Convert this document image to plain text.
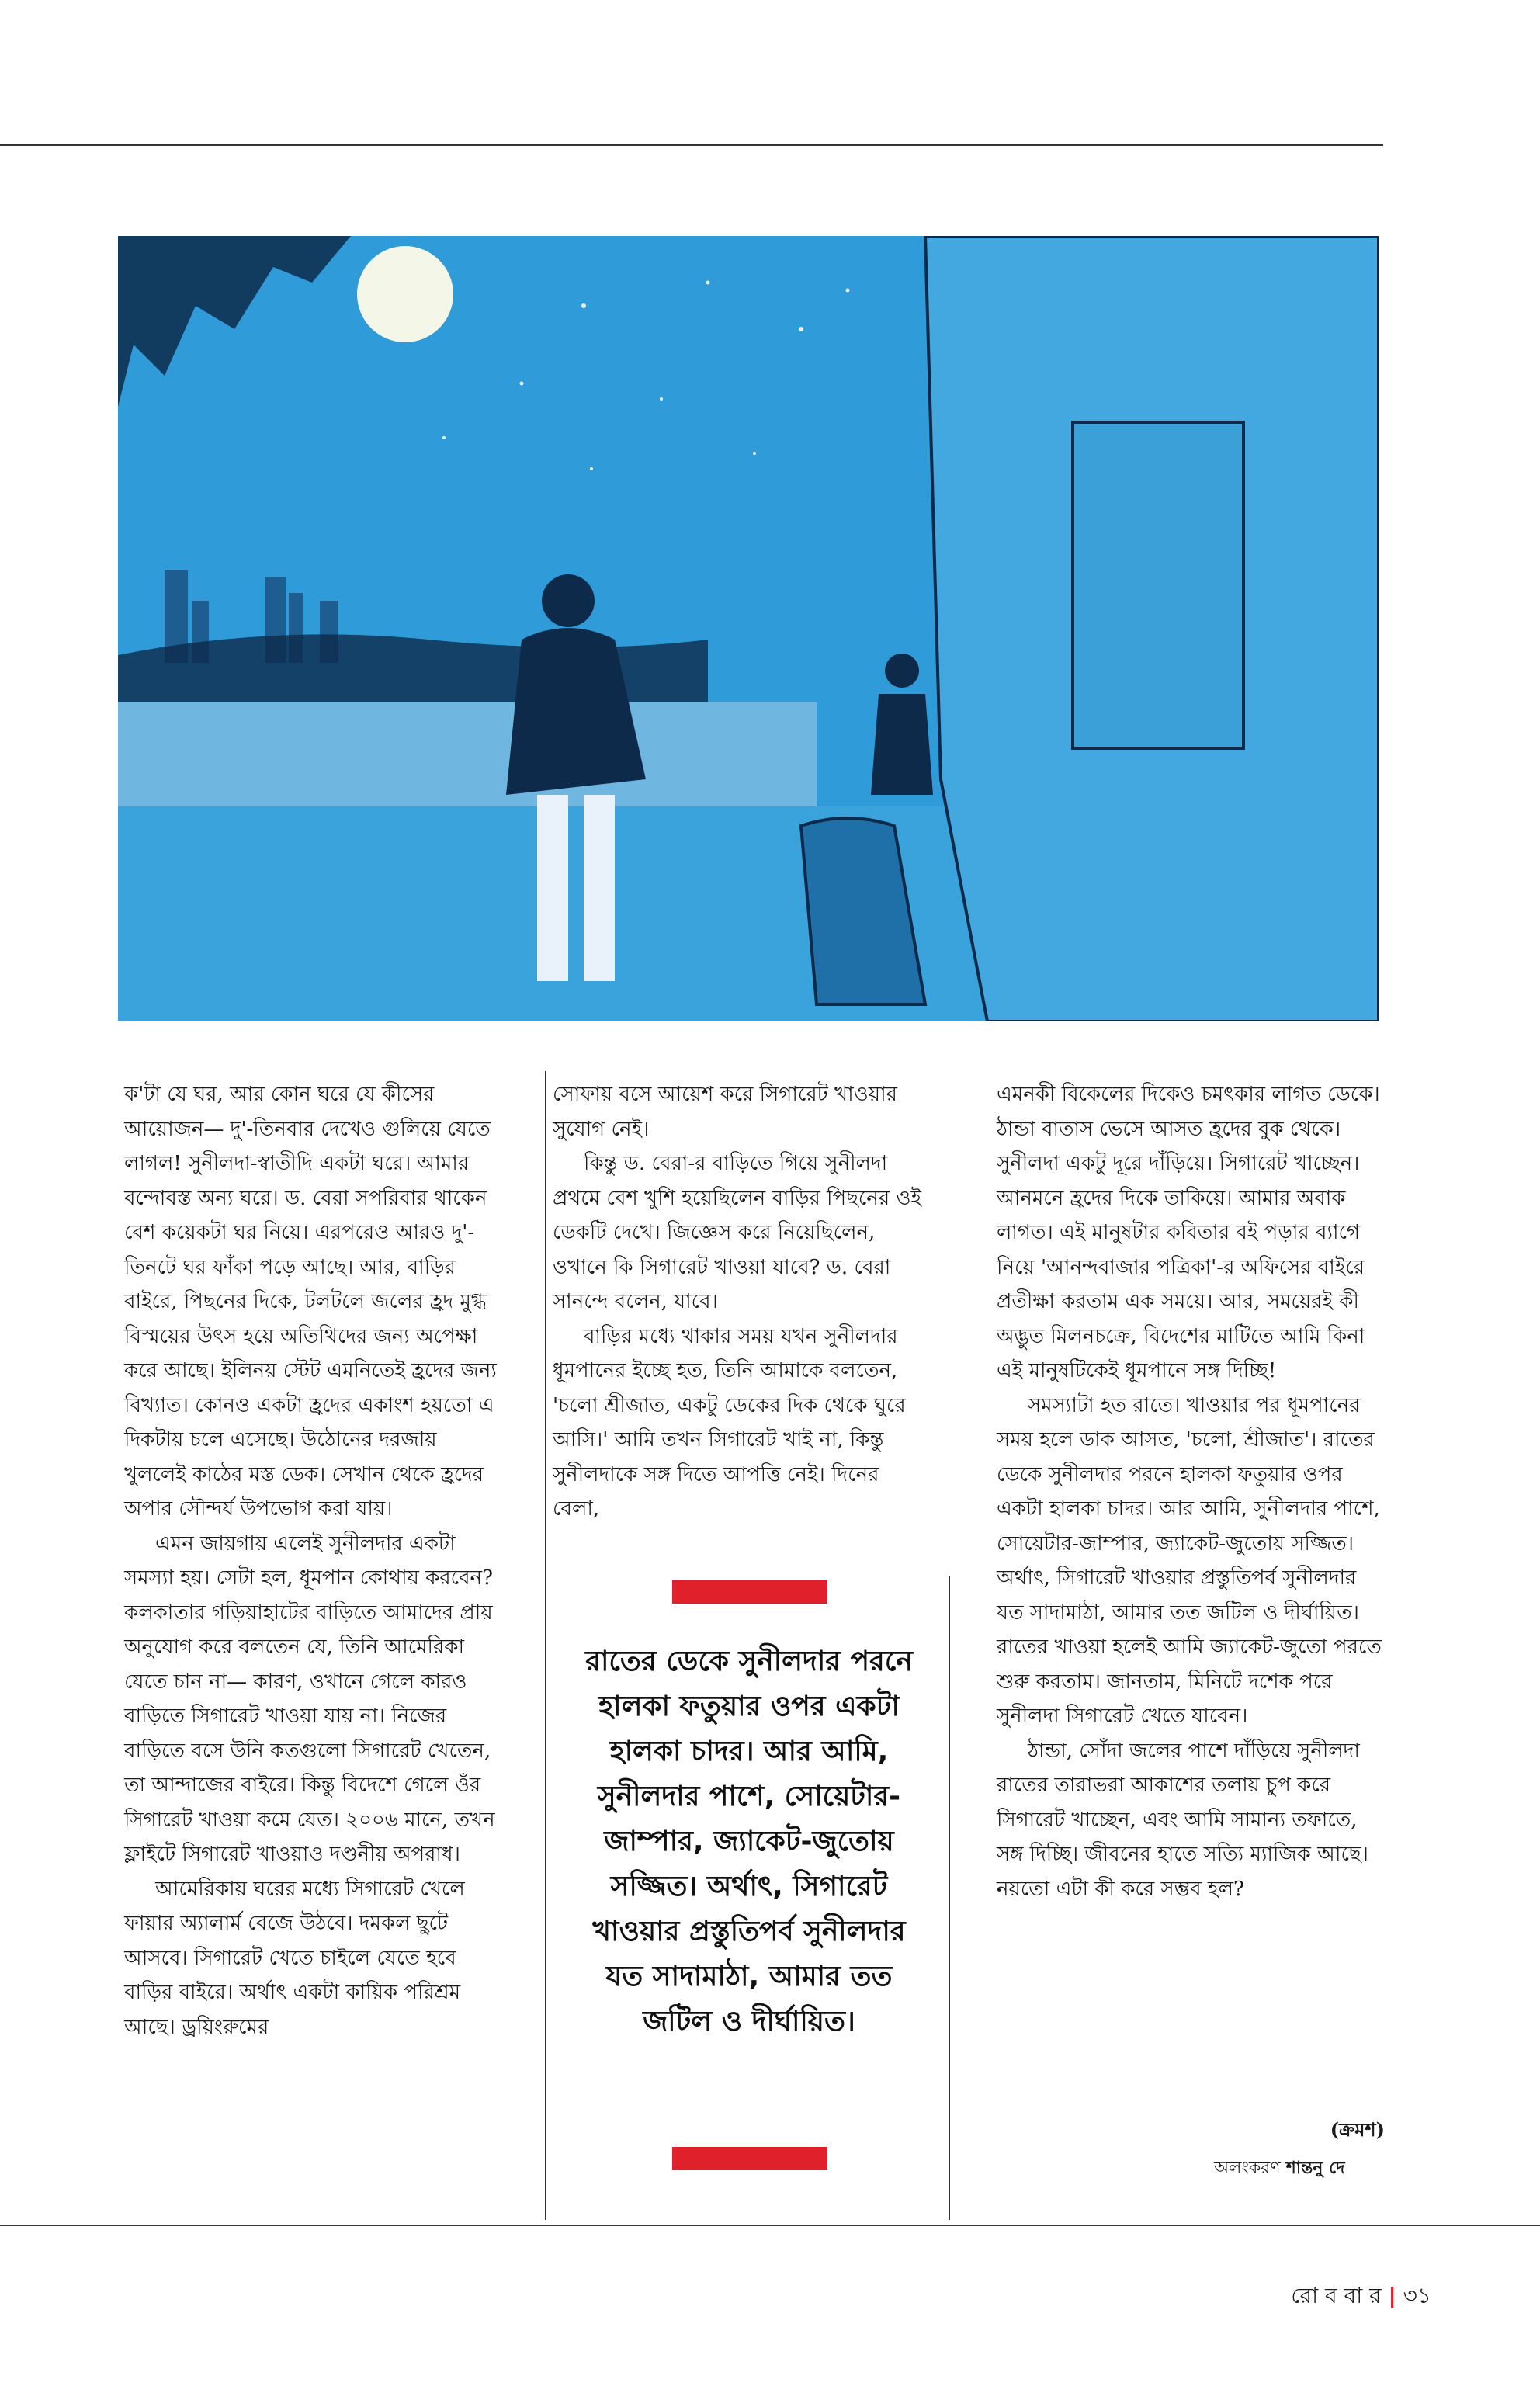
ক'টা যে ঘর, আর কোন ঘরে যে কীসের আয়োজন— দু'-তিনবার দেখেও গুলিয়ে যেতে লাগল! সুনীলদা-স্বাতীদি একটা ঘরে। আমার বন্দোবস্ত অন্য ঘরে। ড. বেরা সপরিবার থাকেন বেশ কয়েকটা ঘর নিয়ে। এরপরেও আরও দু'-তিনটে ঘর ফাঁকা পড়ে আছে। আর, বাড়ির বাইরে, পিছনের দিকে, টলটলে জলের হ্রদ মুগ্ধ বিস্ময়ের উৎস হয়ে অতিথিদের জন্য অপেক্ষা করে আছে। ইলিনয় স্টেট এমনিতেই হ্রদের জন্য বিখ্যাত। কোনও একটা হ্রদের একাংশ হয়তো এ দিকটায় চলে এসেছে। উঠোনের দরজায় খুললেই কাঠের মস্ত ডেক। সেখান থেকে হ্রদের অপার সৌন্দর্য উপভোগ করা যায়।

এমন জায়গায় এলেই সুনীলদার একটা সমস্যা হয়। সেটা হল, ধূমপান কোথায় করবেন? কলকাতার গড়িয়াহাটের বাড়িতে আমাদের প্রায় অনুযোগ করে বলতেন যে, তিনি আমেরিকা যেতে চান না— কারণ, ওখানে গেলে কারও বাড়িতে সিগারেট খাওয়া যায় না। নিজের বাড়িতে বসে উনি কতগুলো সিগারেট খেতেন, তা আন্দাজের বাইরে। কিন্তু বিদেশে গেলে ওঁর সিগারেট খাওয়া কমে যেত। ২০০৬ মানে, তখন ফ্লাইটে সিগারেট খাওয়াও দণ্ডনীয় অপরাধ।

আমেরিকায় ঘরের মধ্যে সিগারেট খেলে ফায়ার অ্যালার্ম বেজে উঠবে। দমকল ছুটে আসবে। সিগারেট খেতে চাইলে যেতে হবে বাড়ির বাইরে। অর্থাৎ একটা কায়িক পরিশ্রম আছে। ড্রয়িংরুমের

সোফায় বসে আয়েশ করে সিগারেট খাওয়ার সুযোগ নেই।

কিন্তু ড. বেরা-র বাড়িতে গিয়ে সুনীলদা প্রথমে বেশ খুশি হয়েছিলেন বাড়ির পিছনের ওই ডেকটি দেখে। জিজ্ঞেস করে নিয়েছিলেন, ওখানে কি সিগারেট খাওয়া যাবে? ড. বেরা সানন্দে বলেন, যাবে।

বাড়ির মধ্যে থাকার সময় যখন সুনীলদার ধূমপানের ইচ্ছে হত, তিনি আমাকে বলতেন, 'চলো শ্রীজাত, একটু ডেকের দিক থেকে ঘুরে আসি।' আমি তখন সিগারেট খাই না, কিন্তু সুনীলদাকে সঙ্গ দিতে আপত্তি নেই। দিনের বেলা,

রাতের ডেকে সুনীলদার পরনে হালকা ফতুয়ার ওপর একটা হালকা চাদর। আর আমি, সুনীলদার পাশে, সোয়েটার-জাম্পার, জ্যাকেট-জুতোয় সজ্জিত। অর্থাৎ, সিগারেট খাওয়ার প্রস্তুতিপর্ব সুনীলদার যত সাদামাঠা, আমার তত জটিল ও দীর্ঘায়িত।

এমনকী বিকেলের দিকেও চমৎকার লাগত ডেকে। ঠান্ডা বাতাস ভেসে আসত হ্রদের বুক থেকে। সুনীলদা একটু দূরে দাঁড়িয়ে। সিগারেট খাচ্ছেন। আনমনে হ্রদের দিকে তাকিয়ে। আমার অবাক লাগত। এই মানুষটার কবিতার বই পড়ার ব্যাগে নিয়ে 'আনন্দবাজার পত্রিকা'-র অফিসের বাইরে প্রতীক্ষা করতাম এক সময়ে। আর, সময়েরই কী অদ্ভুত মিলনচক্রে, বিদেশের মাটিতে আমি কিনা এই মানুষটিকেই ধূমপানে সঙ্গ দিচ্ছি!

সমস্যাটা হত রাতে। খাওয়ার পর ধূমপানের সময় হলে ডাক আসত, 'চলো, শ্রীজাত'। রাতের ডেকে সুনীলদার পরনে হালকা ফতুয়ার ওপর একটা হালকা চাদর। আর আমি, সুনীলদার পাশে, সোয়েটার-জাম্পার, জ্যাকেট-জুতোয় সজ্জিত। অর্থাৎ, সিগারেট খাওয়ার প্রস্তুতিপর্ব সুনীলদার যত সাদামাঠা, আমার তত জটিল ও দীর্ঘায়িত। রাতের খাওয়া হলেই আমি জ্যাকেট-জুতো পরতে শুরু করতাম। জানতাম, মিনিটে দশেক পরে সুনীলদা সিগারেট খেতে যাবেন।

ঠান্ডা, সোঁদা জলের পাশে দাঁড়িয়ে সুনীলদা রাতের তারাভরা আকাশের তলায় চুপ করে সিগারেট খাচ্ছেন, এবং আমি সামান্য তফাতে, সঙ্গ দিচ্ছি। জীবনের হাতে সত্যি ম্যাজিক আছে। নয়তো এটা কী করে সম্ভব হল?

(ক্রমশ)
অলংকরণ শান্তনু দে
রো ব বা র | ৩১
